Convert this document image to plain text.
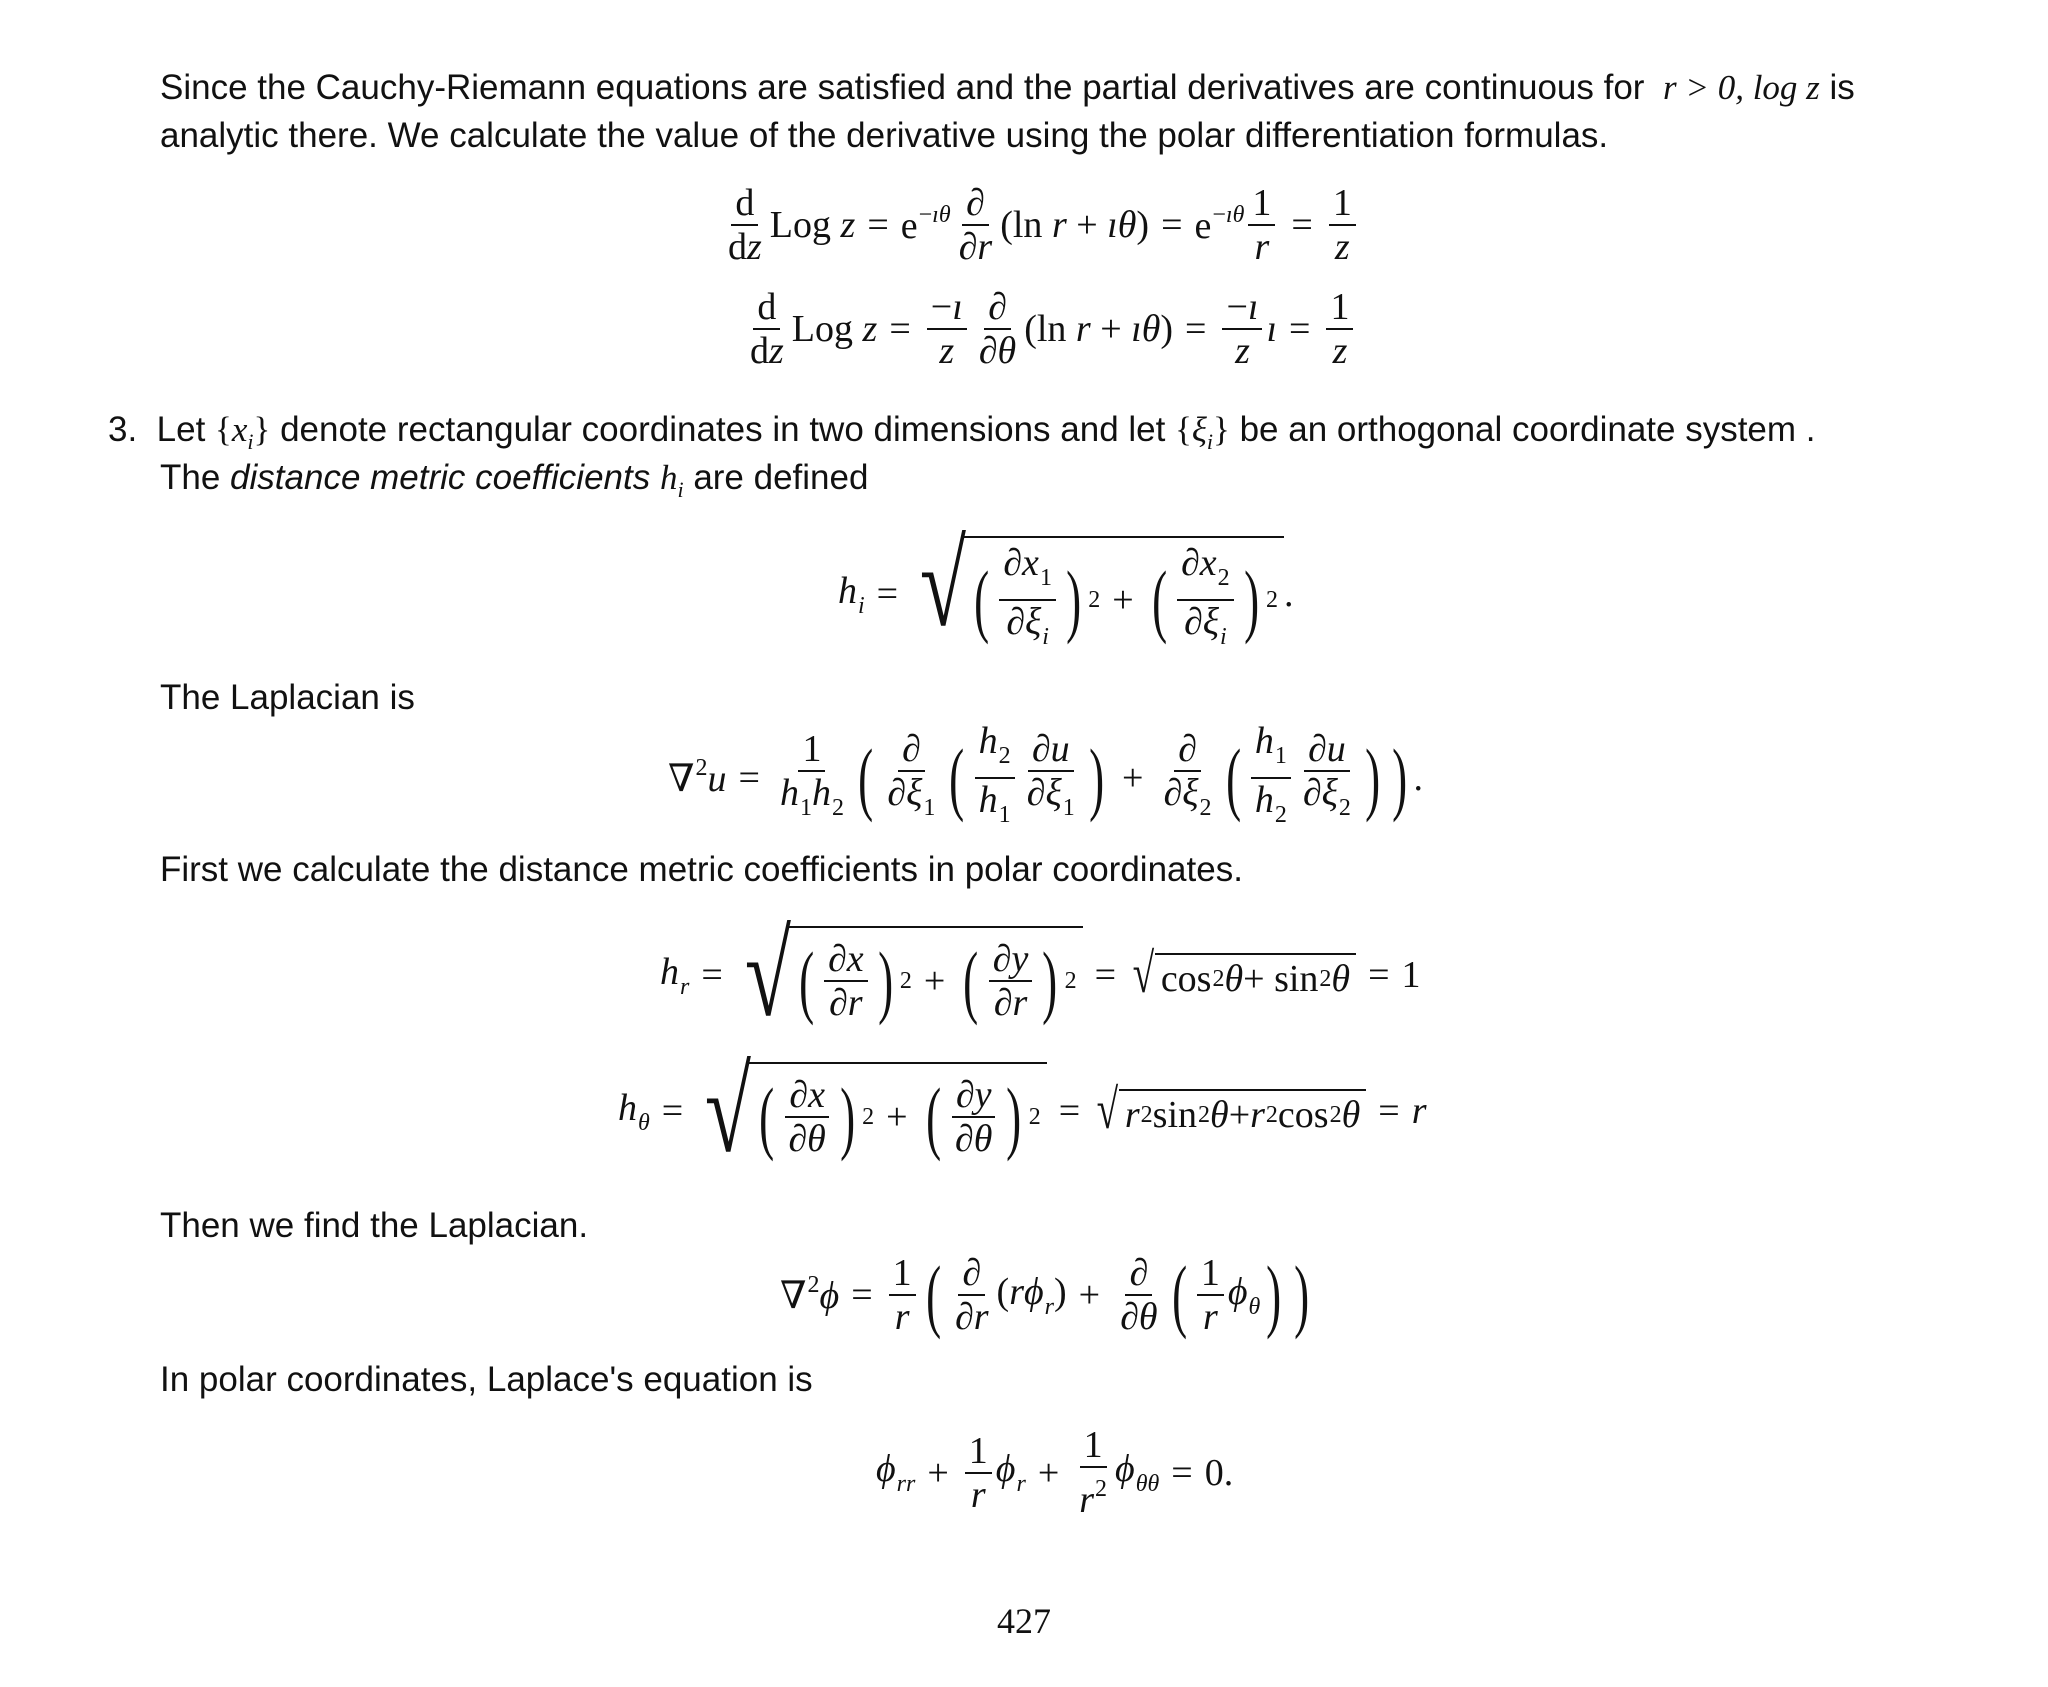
Since the Cauchy-Riemann equations are satisfied and the partial derivatives are continuous for  r > 0, log z is
analytic there. We calculate the value of the derivative using the polar differentiation formulas.
d
dz
Log $z = e^{-ı\theta}$ ∂
∂r
(ln r + ıθ) = $e^{-ı\theta} \frac{1}{r} = \frac{1}{z}$
d
dz
Log $z = \frac{-ı}{z}$ ∂
∂θ
(ln r + ıθ) = $\frac{-ı}{z}$ ı = $\frac{1}{z}$
3. Let $\{x_i\}$ denote rectangular coordinates in two dimensions and let $\{\xi_i\}$ be an orthogonal coordinate system .
The distance metric coefficients $h_i$ are defined
$h_i$ = √ ( $\partial x_1$
$\partial\xi_i$ ) 2 + ( $\partial x_2$
$\partial\xi_i$ ) 2 .
The Laplacian is
$\nabla^2u = \frac{1}{h_1h_2}$ ( ∂
$\partial\xi_1$ ( $h_2$
$h_1$
∂u
$\partial\xi_1$ ) +
∂
$\partial\xi_2$ ( $h_1$
$h_2$
∂u
$\partial\xi_2$ ) ) .
First we calculate the distance metric coefficients in polar coordinates.
$h_r$ = √ ( ∂x
∂r ) 2 + ( ∂y
∂r ) 2 = √ cos 2 θ + sin 2 θ = 1
$h_\theta$ = √ ( ∂x
∂θ ) 2 + ( ∂y
∂θ ) 2 = √ r 2 sin 2 θ + r 2 cos 2 θ = r
Then we find the Laplacian.
$\nabla^2\phi = \frac{1}{r}$ ( ∂
∂r
$(r\phi_r)$ +
∂
∂θ ( 1
r
$\phi_\theta$ ) )
In polar coordinates, Laplace's equation is
$\phi_{rr} + \frac{1}{r} \phi_r + \frac{1}{r^2} \phi_{\theta\theta} = 0$.
427
